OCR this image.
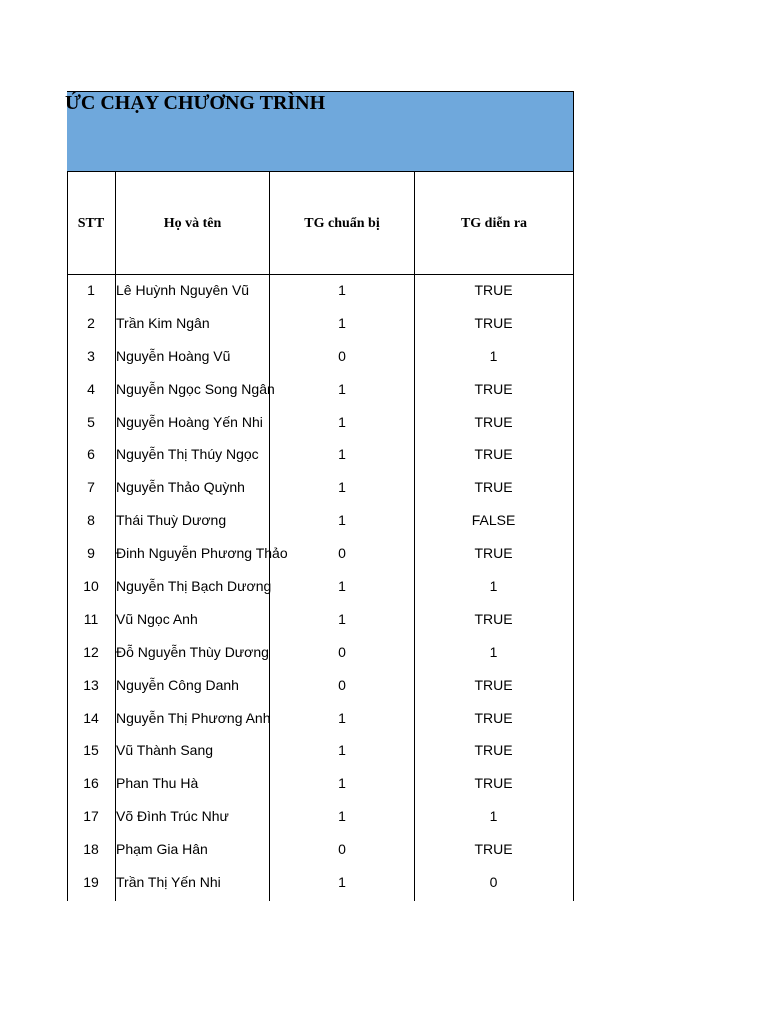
ỨC CHẠY CHƯƠNG TRÌNH
STT	Họ và tên	TG chuẩn bị	TG diễn ra
1	Lê Huỳnh Nguyên Vũ	1	TRUE
2	Trần Kim Ngân	1	TRUE
3	Nguyễn Hoàng Vũ	0	1
4	Nguyễn Ngọc Song Ngân	1	TRUE
5	Nguyễn Hoàng Yến Nhi	1	TRUE
6	Nguyễn Thị Thúy Ngọc	1	TRUE
7	Nguyễn Thảo Quỳnh	1	TRUE
8	Thái Thuỳ Dương	1	FALSE
9	Đinh Nguyễn Phương Thảo	0	TRUE
10	Nguyễn Thị Bạch Dương	1	1
11	Vũ Ngọc Anh	1	TRUE
12	Đỗ Nguyễn Thùy Dương	0	1
13	Nguyễn Công Danh	0	TRUE
14	Nguyễn Thị Phương Anh	1	TRUE
15	Vũ Thành Sang	1	TRUE
16	Phan Thu Hà	1	TRUE
17	Võ Đình Trúc Như	1	1
18	Phạm Gia Hân	0	TRUE
19	Trần Thị Yến Nhi	1	0
